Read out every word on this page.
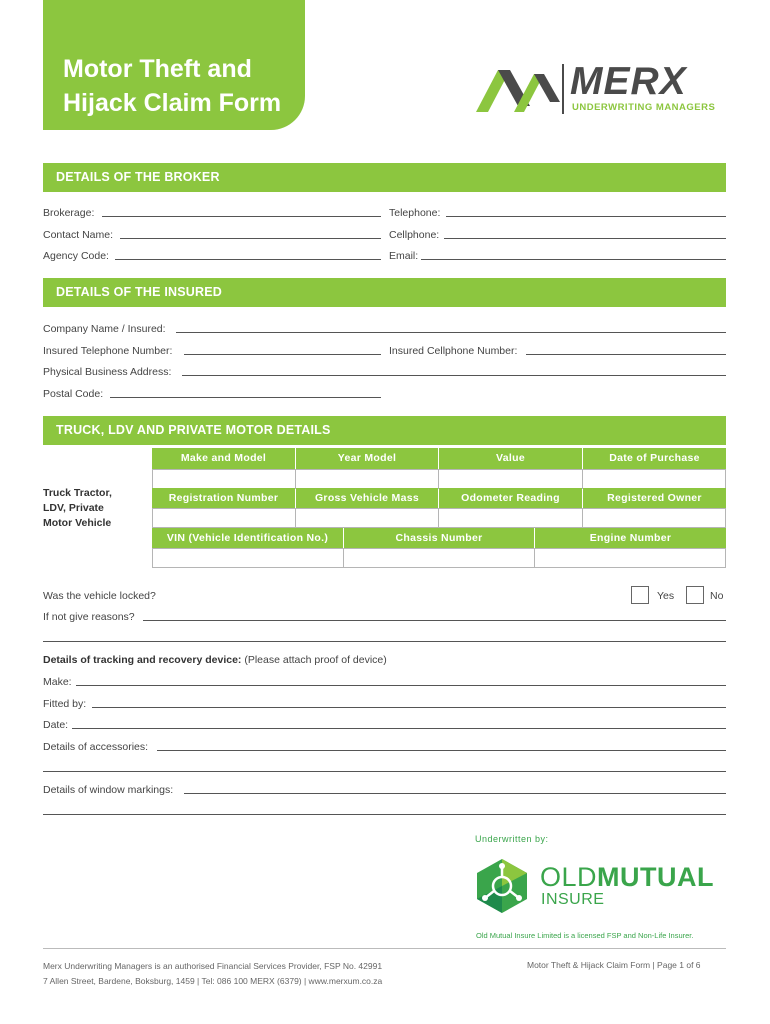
Motor Theft and
Hijack Claim Form	MERX
UNDERWRITING MANAGERS
DETAILS OF THE BROKER
Brokerage:	Telephone:
Contact Name:	Cellphone:
Agency Code:	Email:
DETAILS OF THE INSURED
Company Name / Insured:
Insured Telephone Number:	Insured Cellphone Number:
Physical Business Address:
Postal Code:
TRUCK, LDV AND PRIVATE MOTOR DETAILS
Truck Tractor,
LDV, Private
Motor Vehicle
Make and Model	Year Model	Value	Date of Purchase
Registration Number	Gross Vehicle Mass	Odometer Reading	Registered Owner
VIN (Vehicle Identification No.)	Chassis Number	Engine Number
Was the vehicle locked?	Yes	No
If not give reasons?
Details of tracking and recovery device: (Please attach proof of device)
Make:
Fitted by:
Date:
Details of accessories:
Details of window markings:
Underwritten by:
OLDMUTUAL
INSURE
Old Mutual Insure Limited is a licensed FSP and Non-Life Insurer.
Merx Underwriting Managers is an authorised Financial Services Provider, FSP No. 42991
7 Allen Street, Bardene, Boksburg, 1459 | Tel: 086 100 MERX (6379) | www.merxum.co.za
Motor Theft & Hijack Claim Form | Page 1 of 6
